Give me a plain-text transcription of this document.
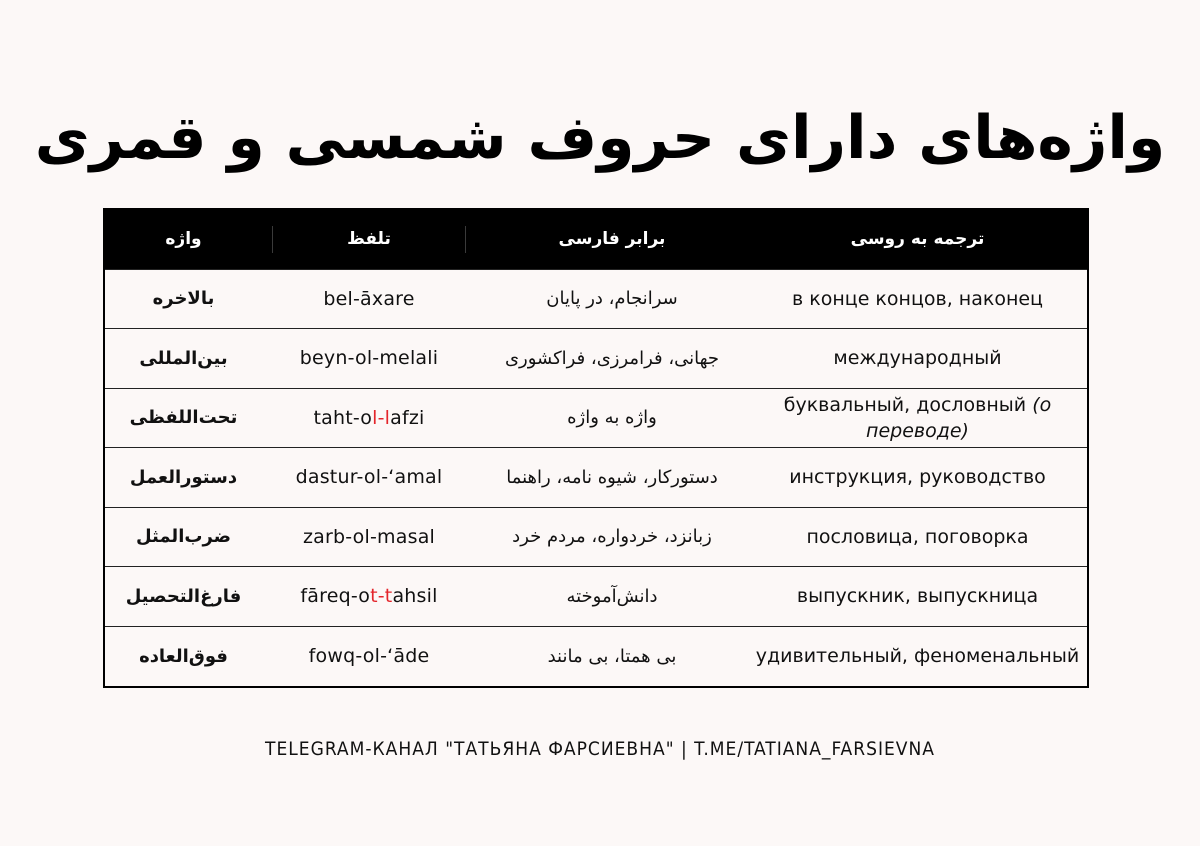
واژه‌های دارای حروف شمسی و قمری
واژه	تلفظ	برابر فارسی	ترجمه به روسی
بالاخره	bel-āxare	سرانجام، در پایان	в конце концов, наконец
بین‌المللی	beyn-ol-melali	جهانی، فرامرزی، فراکشوری	международный
تحت‌اللفظی	taht-ol-lafzi	واژه به واژه	буквальный, дословный (о переводе)
دستورالعمل	dastur-ol-‘amal	دستورکار، شیوه نامه، راهنما	инструкция, руководство
ضرب‌المثل	zarb-ol-masal	زبانزد، خردواره، مردم خرد	пословица, поговорка
فارغ‌التحصیل	fāreq-ot-tahsil	دانش‌آموخته	выпускник, выпускница
فوق‌العاده	fowq-ol-‘āde	بی همتا، بی مانند	удивительный, феноменальный
TELEGRAM-КАНАЛ "ТАТЬЯНА ФАРСИЕВНА" | T.ME/TATIANA_FARSIEVNA
